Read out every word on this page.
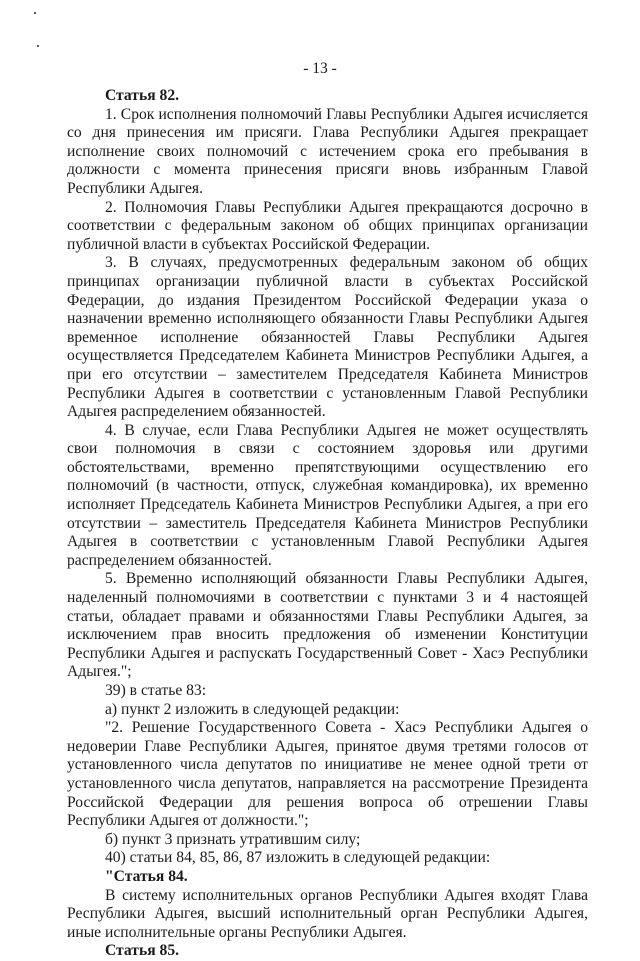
- 13 -

Статья 82.

1. Срок исполнения полномочий Главы Республики Адыгея исчисляется со дня принесения им присяги. Глава Республики Адыгея прекращает исполнение своих полномочий с истечением срока его пребывания в должности с момента принесения присяги вновь избранным Главой Республики Адыгея.

2. Полномочия Главы Республики Адыгея прекращаются досрочно в соответствии с федеральным законом об общих принципах организации публичной власти в субъектах Российской Федерации.

3. В случаях, предусмотренных федеральным законом об общих принципах организации публичной власти в субъектах Российской Федерации, до издания Президентом Российской Федерации указа о назначении временно исполняющего обязанности Главы Республики Адыгея временное исполнение обязанностей Главы Республики Адыгея осуществляется Председателем Кабинета Министров Республики Адыгея, а при его отсутствии – заместителем Председателя Кабинета Министров Республики Адыгея в соответствии с установленным Главой Республики Адыгея распределением обязанностей.

4. В случае, если Глава Республики Адыгея не может осуществлять свои полномочия в связи с состоянием здоровья или другими обстоятельствами, временно препятствующими осуществлению его полномочий (в частности, отпуск, служебная командировка), их временно исполняет Председатель Кабинета Министров Республики Адыгея, а при его отсутствии – заместитель Председателя Кабинета Министров Республики Адыгея в соответствии с установленным Главой Республики Адыгея распределением обязанностей.

5. Временно исполняющий обязанности Главы Республики Адыгея, наделенный полномочиями в соответствии с пунктами 3 и 4 настоящей статьи, обладает правами и обязанностями Главы Республики Адыгея, за исключением прав вносить предложения об изменении Конституции Республики Адыгея и распускать Государственный Совет - Хасэ Республики Адыгея.";

39) в статье 83:

а) пункт 2 изложить в следующей редакции:

"2. Решение Государственного Совета - Хасэ Республики Адыгея о недоверии Главе Республики Адыгея, принятое двумя третями голосов от установленного числа депутатов по инициативе не менее одной трети от установленного числа депутатов, направляется на рассмотрение Президента Российской Федерации для решения вопроса об отрешении Главы Республики Адыгея от должности.";

б) пункт 3 признать утратившим силу;

40) статьи 84, 85, 86, 87 изложить в следующей редакции:

"Статья 84.

В систему исполнительных органов Республики Адыгея входят Глава Республики Адыгея, высший исполнительный орган Республики Адыгея, иные исполнительные органы Республики Адыгея.

Статья 85.
